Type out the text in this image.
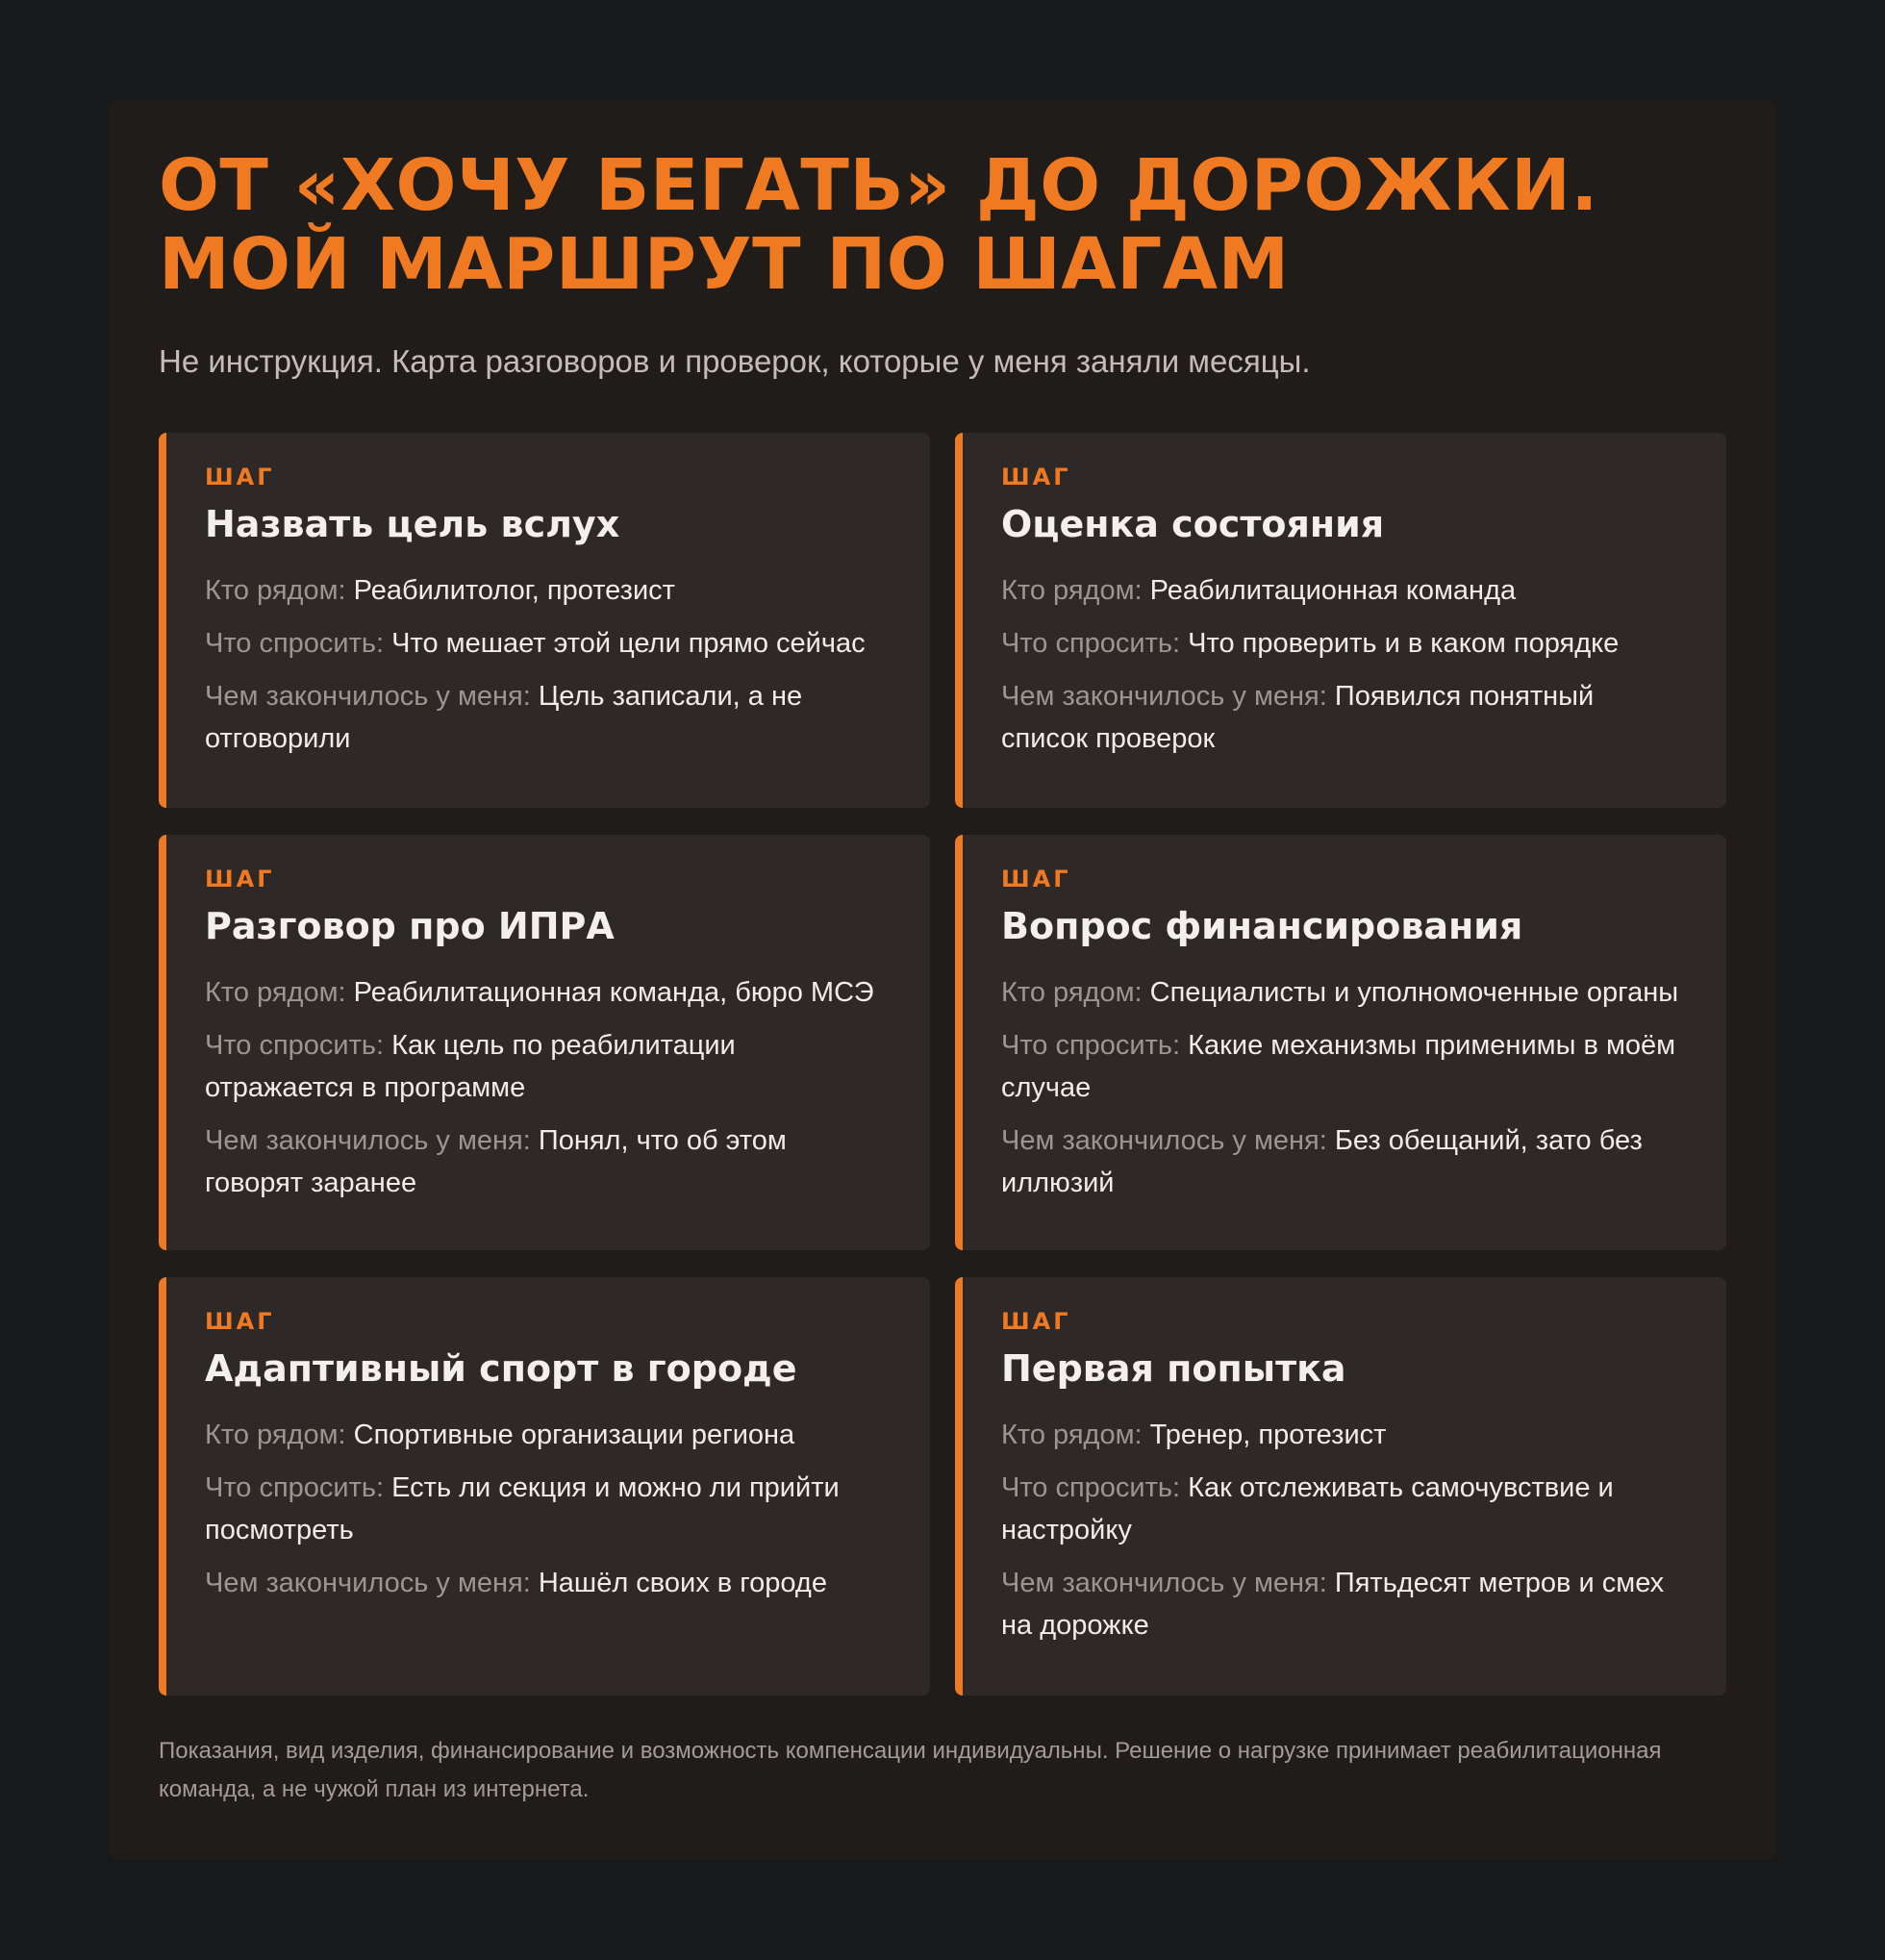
ОТ «ХОЧУ БЕГАТЬ» ДО ДОРОЖКИ. МОЙ МАРШРУТ ПО ШАГАМ

Не инструкция. Карта разговоров и проверок, которые у меня заняли месяцы.

ШАГ
Назвать цель вслух
Кто рядом: Реабилитолог, протезист
Что спросить: Что мешает этой цели прямо сейчас
Чем закончилось у меня: Цель записали, а не отговорили
ШАГ
Оценка состояния
Кто рядом: Реабилитационная команда
Что спросить: Что проверить и в каком порядке
Чем закончилось у меня: Появился понятный список проверок
ШАГ
Разговор про ИПРА
Кто рядом: Реабилитационная команда, бюро МСЭ
Что спросить: Как цель по реабилитации отражается в программе
Чем закончилось у меня: Понял, что об этом говорят заранее
ШАГ
Вопрос финансирования
Кто рядом: Специалисты и уполномоченные органы
Что спросить: Какие механизмы применимы в моём случае
Чем закончилось у меня: Без обещаний, зато без иллюзий
ШАГ
Адаптивный спорт в городе
Кто рядом: Спортивные организации региона
Что спросить: Есть ли секция и можно ли прийти посмотреть
Чем закончилось у меня: Нашёл своих в городе
ШАГ
Первая попытка
Кто рядом: Тренер, протезист
Что спросить: Как отслеживать самочувствие и настройку
Чем закончилось у меня: Пятьдесят метров и смех на дорожке

Показания, вид изделия, финансирование и возможность компенсации индивидуальны. Решение о нагрузке принимает реабилитационная команда, а не чужой план из интернета.
